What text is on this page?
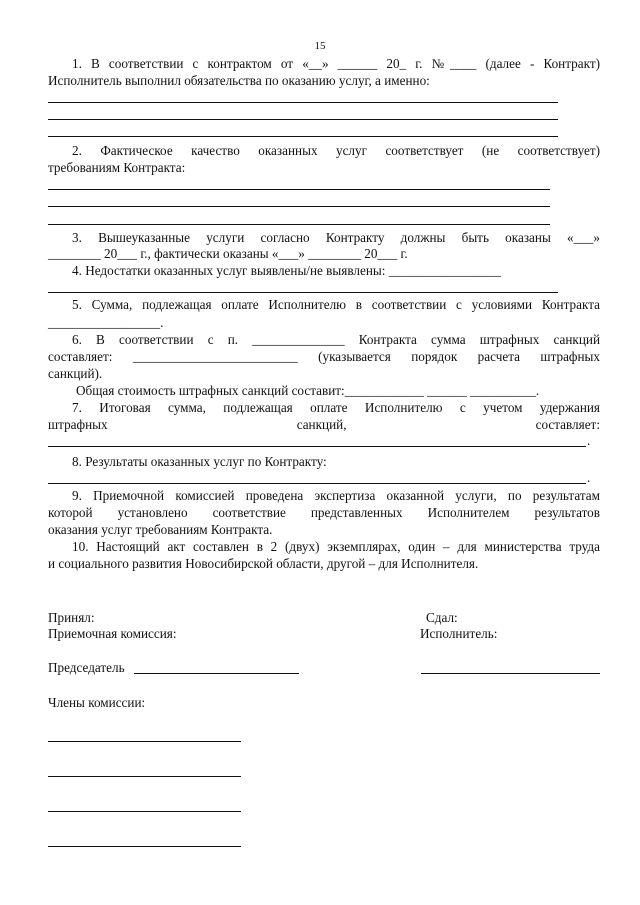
15

1. В соответствии с контрактом от «__» ______ 20_ г. №____ (далее - Контракт)

Исполнитель выполнил обязательства по оказанию услуг, а именно:

2. Фактическое качество оказанных услуг соответствует (не соответствует)

требованиям Контракта:

3. Вышеуказанные услуги согласно Контракту должны быть оказаны «___»

________ 20___ г., фактически оказаны «___» ________ 20___ г.

4. Недостатки оказанных услуг выявлены/не выявлены: _________________

5. Сумма, подлежащая оплате Исполнителю в соответствии с условиями Контракта

_________________.

6. В соответствии с п. ______________ Контракта сумма штрафных санкций

составляет: _________________________ (указывается порядок расчета штрафных

санкций).

Общая стоимость штрафных санкций составит:____________ ______ __________.

7. Итоговая сумма, подлежащая оплате Исполнителю с учетом удержания

штрафных санкций, составляет:

.

8. Результаты оказанных услуг по Контракту:

.

9. Приемочной комиссией проведена экспертиза оказанной услуги, по результатам

которой установлено соответствие представленных Исполнителем результатов

оказания услуг требованиям Контракта.

10. Настоящий акт составлен в 2 (двух) экземплярах, один – для министерства труда

и социального развития Новосибирской области, другой – для Исполнителя.

Принял:
Приемочная комиссия:
Председатель
Члены комиссии:
Сдал:
Исполнитель:
